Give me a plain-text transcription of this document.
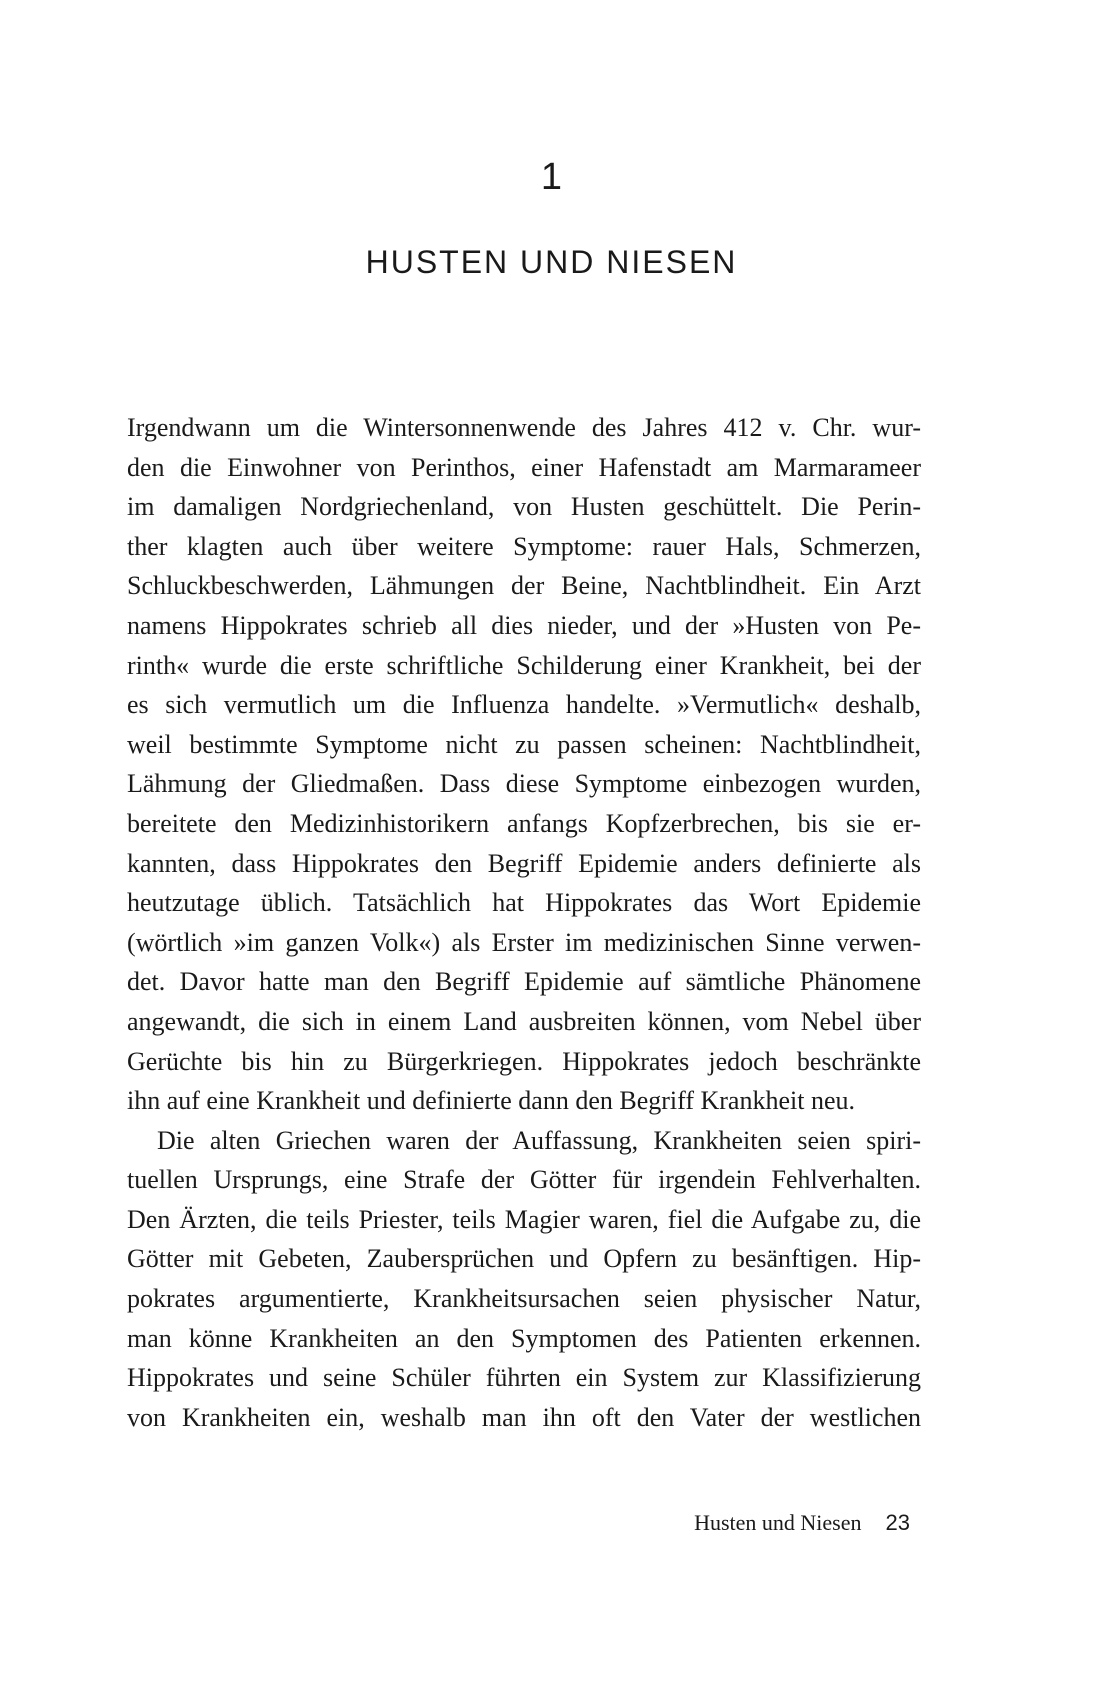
1
HUSTEN UND NIESEN
Irgendwann um die Wintersonnenwende des Jahres 412 v. Chr. wur-
den die Einwohner von Perinthos, einer Hafenstadt am Marmarameer
im damaligen Nordgriechenland, von Husten geschüttelt. Die Perin-
ther klagten auch über weitere Symptome: rauer Hals, Schmerzen,
Schluckbeschwerden, Lähmungen der Beine, Nachtblindheit. Ein Arzt
namens Hippokrates schrieb all dies nieder, und der »Husten von Pe-
rinth« wurde die erste schriftliche Schilderung einer Krankheit, bei der
es sich vermutlich um die Influenza handelte. »Vermutlich« deshalb,
weil bestimmte Symptome nicht zu passen scheinen: Nachtblindheit,
Lähmung der Gliedmaßen. Dass diese Symptome einbezogen wurden,
bereitete den Medizinhistorikern anfangs Kopfzerbrechen, bis sie er-
kannten, dass Hippokrates den Begriff Epidemie anders definierte als
heutzutage üblich. Tatsächlich hat Hippokrates das Wort Epidemie
(wörtlich »im ganzen Volk«) als Erster im medizinischen Sinne verwen-
det. Davor hatte man den Begriff Epidemie auf sämtliche Phänomene
angewandt, die sich in einem Land ausbreiten können, vom Nebel über
Gerüchte bis hin zu Bürgerkriegen. Hippokrates jedoch beschränkte
ihn auf eine Krankheit und definierte dann den Begriff Krankheit neu.
Die alten Griechen waren der Auffassung, Krankheiten seien spiri-
tuellen Ursprungs, eine Strafe der Götter für irgendein Fehlverhalten.
Den Ärzten, die teils Priester, teils Magier waren, fiel die Aufgabe zu, die
Götter mit Gebeten, Zaubersprüchen und Opfern zu besänftigen. Hip-
pokrates argumentierte, Krankheitsursachen seien physischer Natur,
man könne Krankheiten an den Symptomen des Patienten erkennen.
Hippokrates und seine Schüler führten ein System zur Klassifizierung
von Krankheiten ein, weshalb man ihn oft den Vater der westlichen
Husten und Niesen 23
